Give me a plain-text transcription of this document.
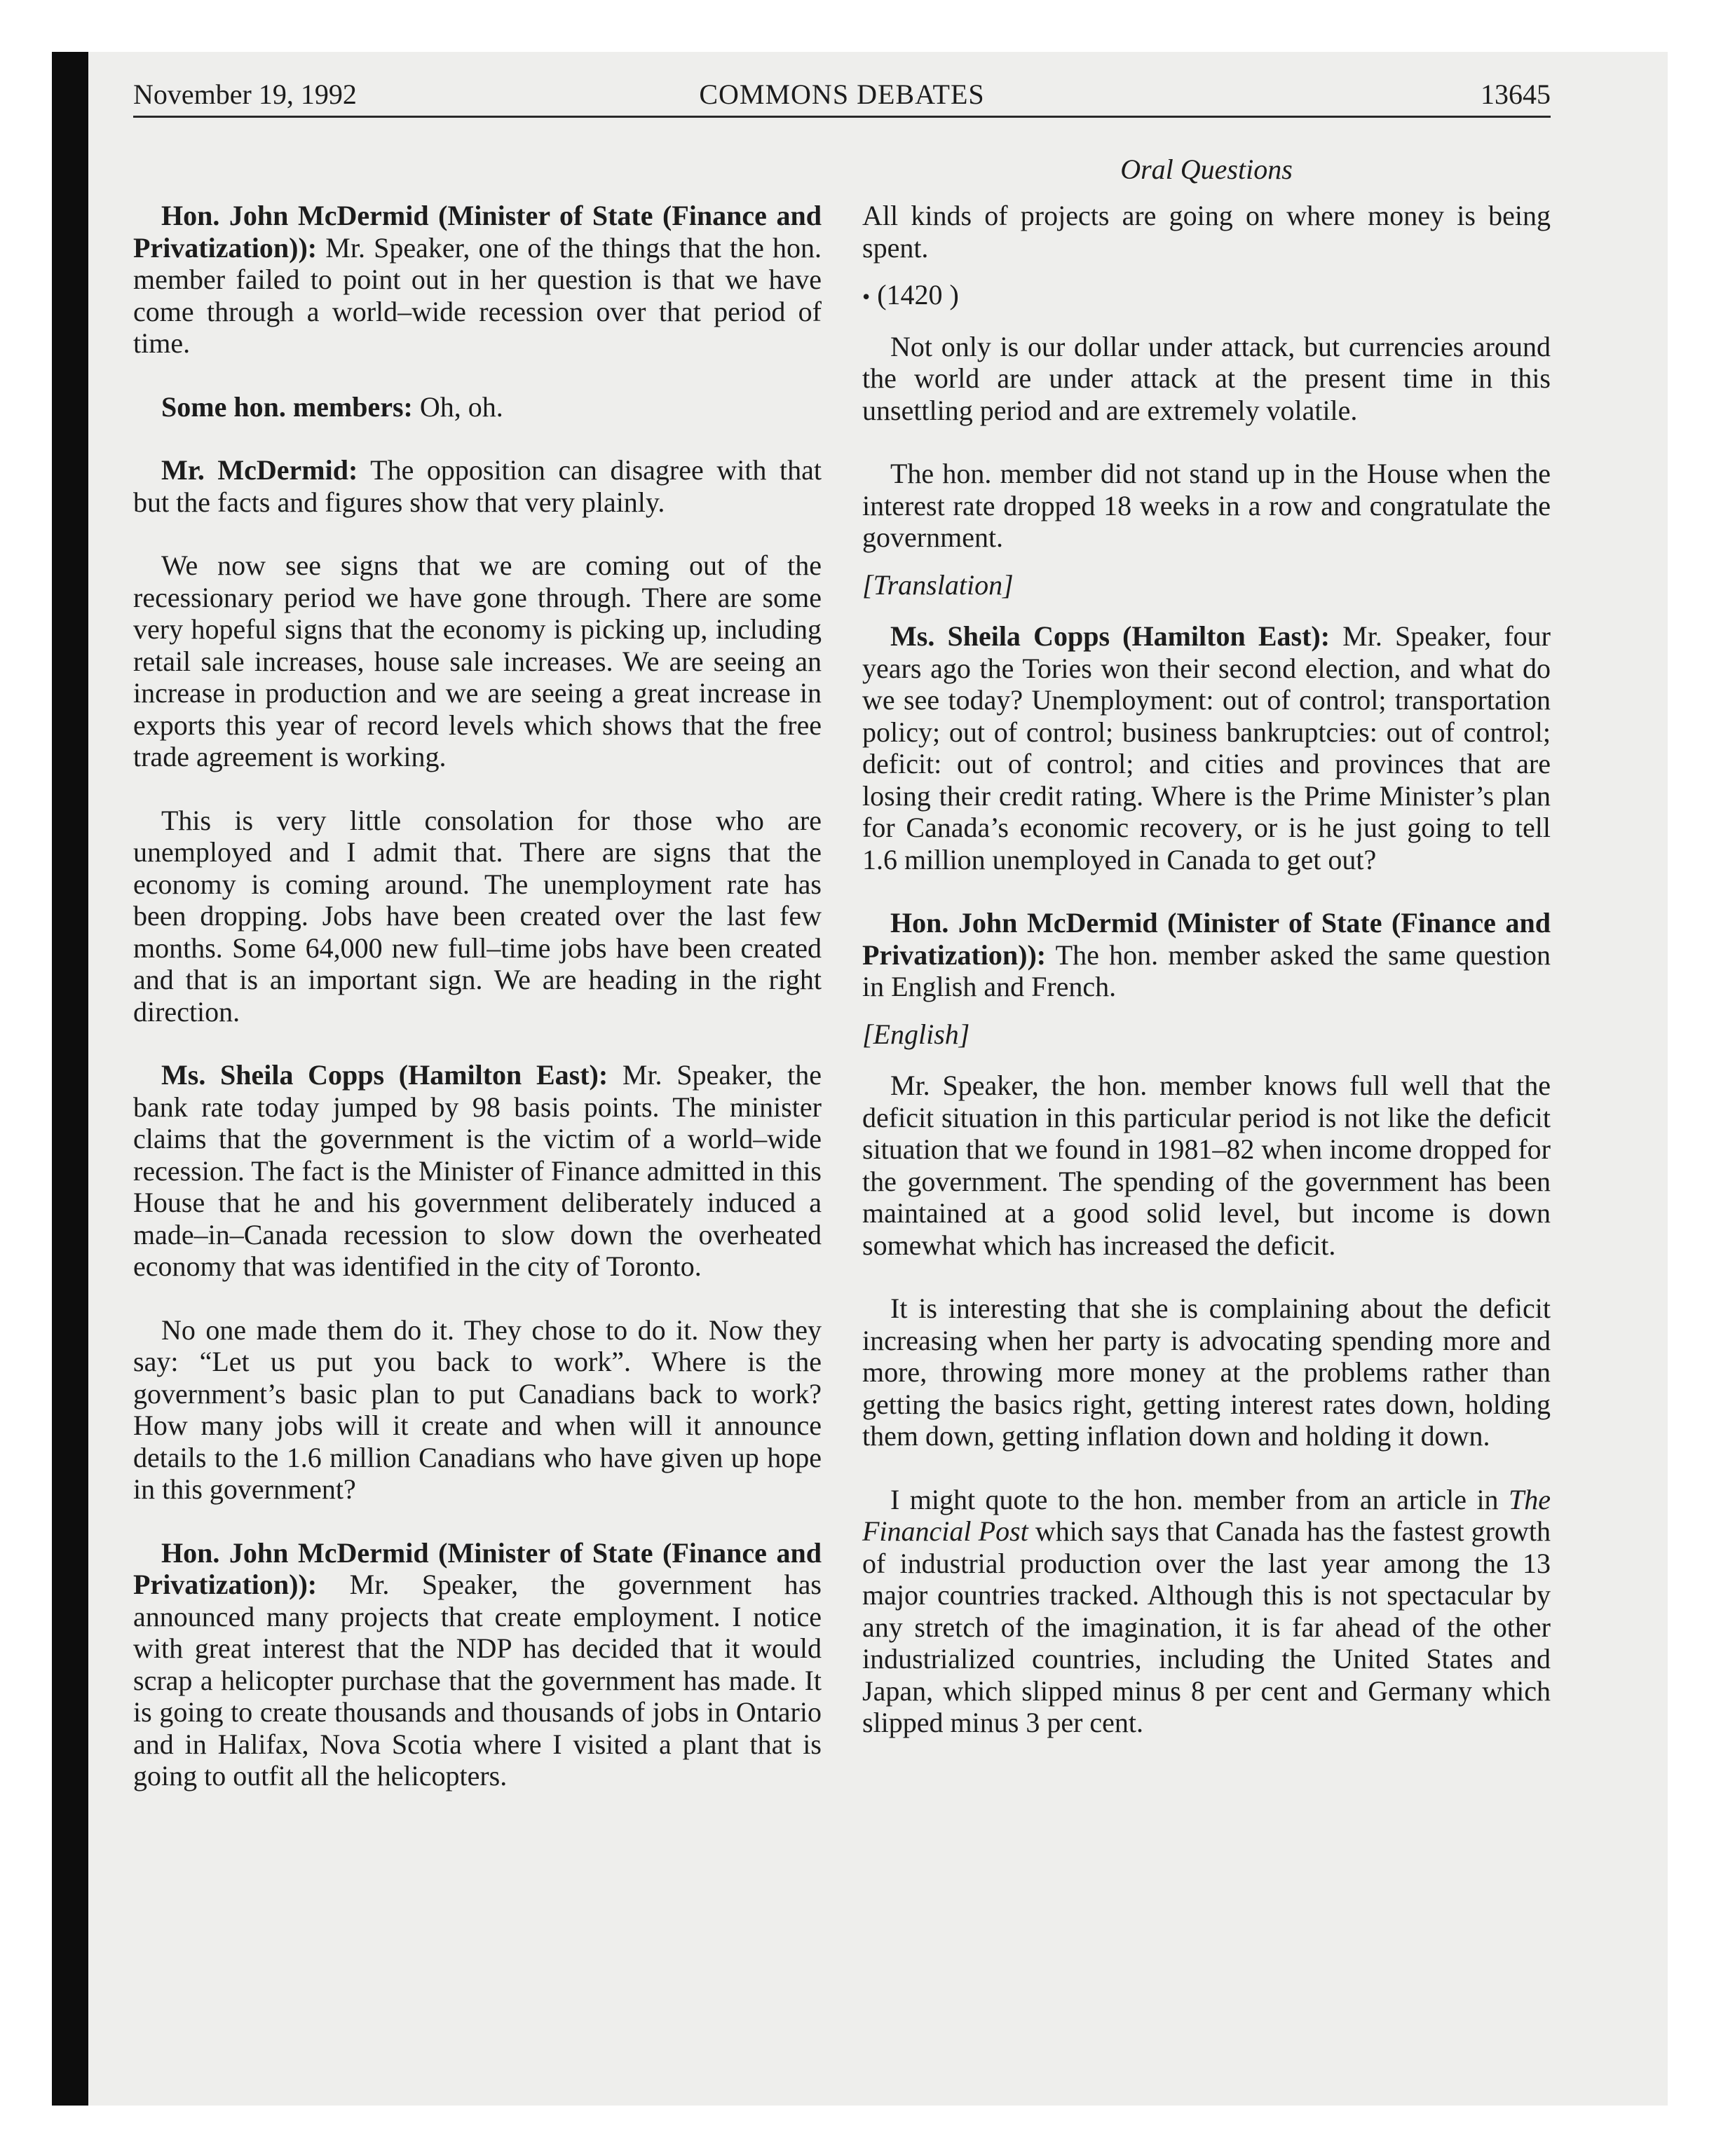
November 19, 1992	COMMONS DEBATES	13645
Oral Questions

Hon. John McDermid (Minister of State (Finance and Privatization)): Mr. Speaker, one of the things that the hon. member failed to point out in her question is that we have come through a world–wide recession over that period of time.

Some hon. members: Oh, oh.

Mr. McDermid: The opposition can disagree with that but the facts and figures show that very plainly.

We now see signs that we are coming out of the recessionary period we have gone through. There are some very hopeful signs that the economy is picking up, including retail sale increases, house sale increases. We are seeing an increase in production and we are seeing a great increase in exports this year of record levels which shows that the free trade agreement is working.

This is very little consolation for those who are unemployed and I admit that. There are signs that the economy is coming around. The unemployment rate has been dropping. Jobs have been created over the last few months. Some 64,000 new full–time jobs have been created and that is an important sign. We are heading in the right direction.

Ms. Sheila Copps (Hamilton East): Mr. Speaker, the bank rate today jumped by 98 basis points. The minister claims that the government is the victim of a world–wide recession. The fact is the Minister of Finance admitted in this House that he and his government deliberately induced a made–in–Canada recession to slow down the overheated economy that was identified in the city of Toronto.

No one made them do it. They chose to do it. Now they say: “Let us put you back to work”. Where is the government’s basic plan to put Canadians back to work? How many jobs will it create and when will it announce details to the 1.6 million Canadians who have given up hope in this government?

Hon. John McDermid (Minister of State (Finance and Privatization)): Mr. Speaker, the government has announced many projects that create employment. I notice with great interest that the NDP has decided that it would scrap a helicopter purchase that the government has made. It is going to create thousands and thousands of jobs in Ontario and in Halifax, Nova Scotia where I visited a plant that is going to outfit all the helicopters.

All kinds of projects are going on where money is being spent.

• (1420 )

Not only is our dollar under attack, but currencies around the world are under attack at the present time in this unsettling period and are extremely volatile.

The hon. member did not stand up in the House when the interest rate dropped 18 weeks in a row and congratulate the government.

[Translation]

Ms. Sheila Copps (Hamilton East): Mr. Speaker, four years ago the Tories won their second election, and what do we see today? Unemployment: out of control; transportation policy; out of control; business bankruptcies: out of control; deficit: out of control; and cities and provinces that are losing their credit rating. Where is the Prime Minister’s plan for Canada’s economic recovery, or is he just going to tell 1.6 million unemployed in Canada to get out?

Hon. John McDermid (Minister of State (Finance and Privatization)): The hon. member asked the same question in English and French.

[English]

Mr. Speaker, the hon. member knows full well that the deficit situation in this particular period is not like the deficit situation that we found in 1981–82 when income dropped for the government. The spending of the government has been maintained at a good solid level, but income is down somewhat which has increased the deficit.

It is interesting that she is complaining about the deficit increasing when her party is advocating spending more and more, throwing more money at the problems rather than getting the basics right, getting interest rates down, holding them down, getting inflation down and holding it down.

I might quote to the hon. member from an article in The Financial Post which says that Canada has the fastest growth of industrial production over the last year among the 13 major countries tracked. Although this is not spectacular by any stretch of the imagination, it is far ahead of the other industrialized countries, including the United States and Japan, which slipped minus 8 per cent and Germany which slipped minus 3 per cent.
